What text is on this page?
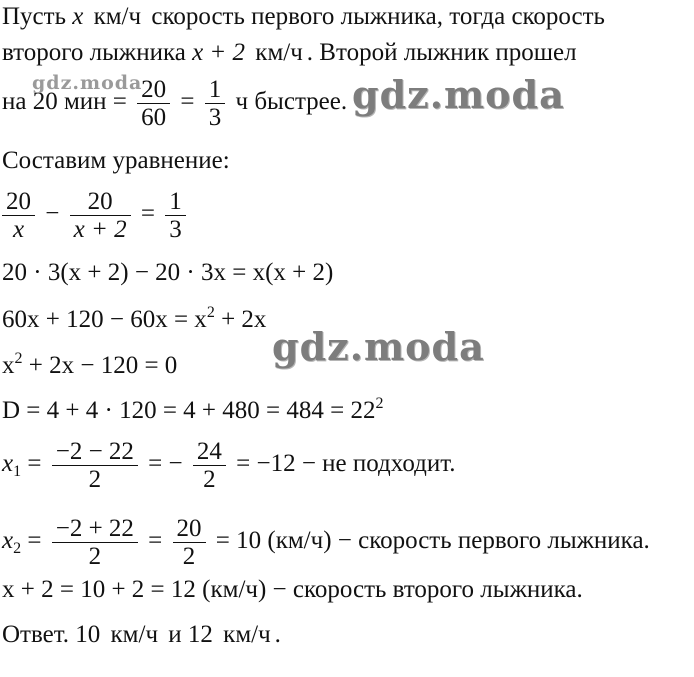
Пусть x км/ч скорость первого лыжника, тогда скорость
второго лыжника x + 2 км/ч . Второй лыжник прошел
на 20 мин = $\frac{20}{60} = \frac{1}{3}$ ч быстрее.
Составим уравнение:
$\frac{20}{x} - \frac{20}{x + 2} = \frac{1}{3}$
20 · 3(x + 2) − 20 · 3x = x(x + 2)
$60x + 120 - 60x = x^2 + 2x$
$x^2 + 2x - 120 = 0$
$D = 4 + 4 \cdot 120 = 4 + 480 = 484 = 22^2$
$x_1 = \frac{-2 - 22}{2}$ = − $\frac{24}{2} = -12$ − не подходит.
$x_2 = \frac{-2 + 22}{2} = \frac{20}{2} = 10$ (км/ч) − скорость первого лыжника.
x + 2 = 10 + 2 = 12 (км/ч) − скорость второго лыжника.
Ответ. 10 км/ч и 12 км/ч .
gdz.moda	gdz.moda
gdz.moda
